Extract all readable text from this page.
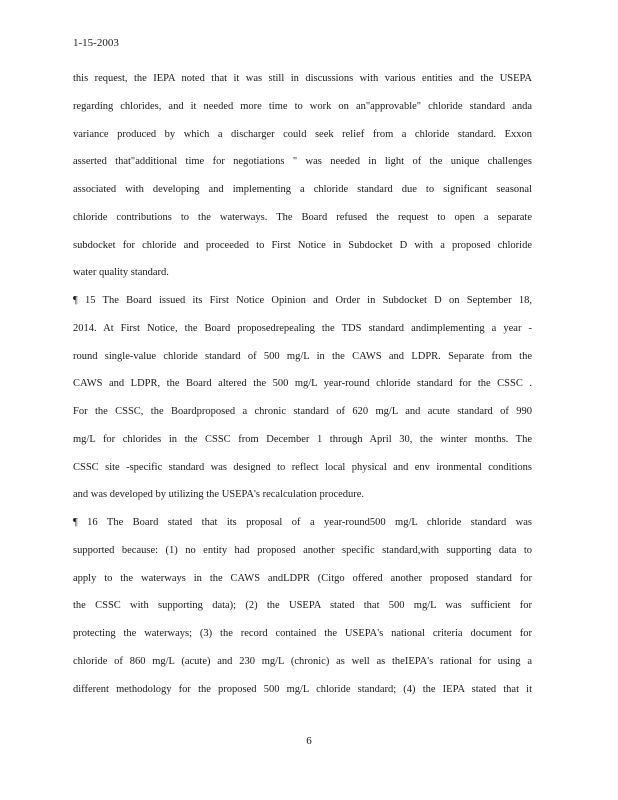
1-15-2003
this request, the IEPA noted that it was still in discussions with various entities and the USEPA
regarding chlorides, and it needed more time to work on an"approvable" chloride standard anda
variance produced by which a discharger could seek relief from a chloride standard. Exxon
asserted that"additional time for negotiations " was needed in light of the unique challenges
associated with developing and implementing a chloride standard due to significant seasonal
chloride contributions to the waterways. The Board refused the request to open a separate
subdocket for chloride and proceeded to First Notice in Subdocket D with a proposed chloride
water quality standard.
¶ 15 The Board issued its First Notice Opinion and Order in Subdocket D on September 18,
2014. At First Notice, the Board proposedrepealing the TDS standard andimplementing a year -
round single-value chloride standard of 500 mg/L in the CAWS and LDPR. Separate from the
CAWS and LDPR, the Board altered the 500 mg/L year-round chloride standard for the CSSC .
For the CSSC, the Boardproposed a chronic standard of 620 mg/L and acute standard of 990
mg/L for chlorides in the CSSC from December 1 through April 30, the winter months. The
CSSC site -specific standard was designed to reflect local physical and env ironmental conditions
and was developed by utilizing the USEPA's recalculation procedure.
¶ 16 The Board stated that its proposal of a year-round500 mg/L chloride standard was
supported because: (1) no entity had proposed another specific standard,with supporting data to
apply to the waterways in the CAWS andLDPR (Citgo offered another proposed standard for
the CSSC with supporting data); (2) the USEPA stated that 500 mg/L was sufficient for
protecting the waterways; (3) the record contained the USEPA's national criteria document for
chloride of 860 mg/L (acute) and 230 mg/L (chronic) as well as theIEPA's rational for using a
different methodology for the proposed 500 mg/L chloride standard; (4) the IEPA stated that it
6
